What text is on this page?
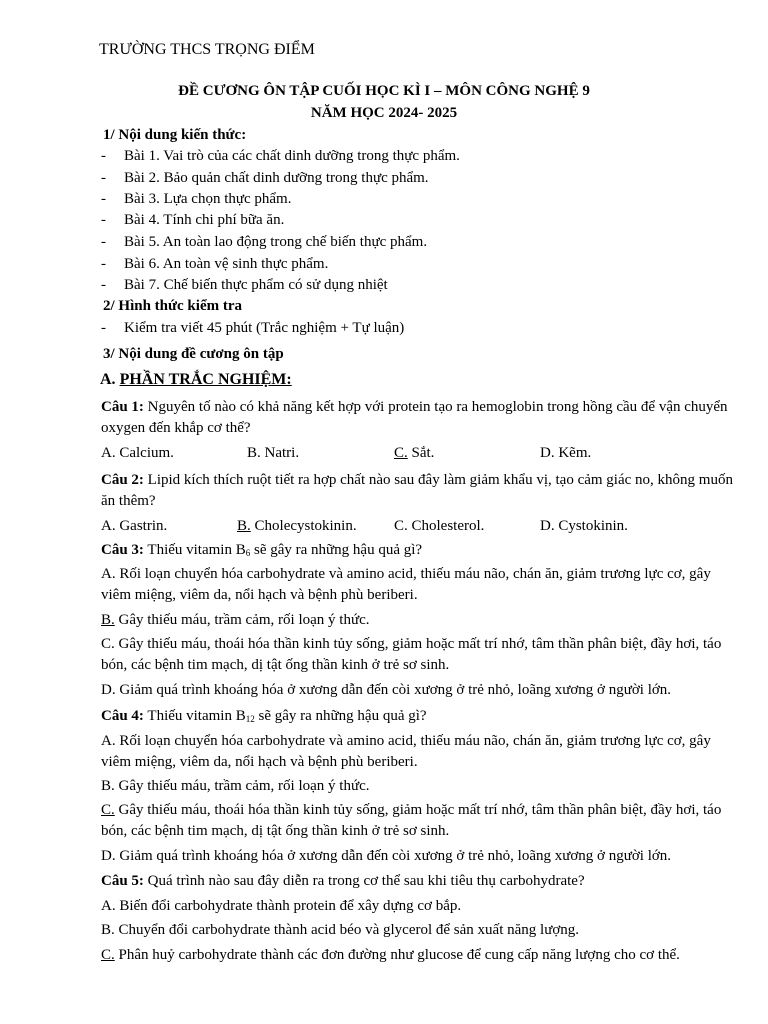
TRƯỜNG THCS TRỌNG ĐIỂM
ĐỀ CƯƠNG ÔN TẬP CUỐI HỌC KÌ I – MÔN CÔNG NGHỆ 9
NĂM HỌC 2024- 2025
1/ Nội dung kiến thức:
- Bài 1. Vai trò của các chất dinh dưỡng trong thực phẩm.
- Bài 2. Bảo quản chất dinh dưỡng trong thực phẩm.
- Bài 3. Lựa chọn thực phẩm.
- Bài 4. Tính chi phí bữa ăn.
- Bài 5. An toàn lao động trong chế biến thực phẩm.
- Bài 6. An toàn vệ sinh thực phẩm.
- Bài 7. Chế biến thực phẩm có sử dụng nhiệt
2/ Hình thức kiểm tra
- Kiểm tra viết 45 phút (Trắc nghiệm + Tự luận)
3/ Nội dung đề cương ôn tập
A. PHẦN TRẮC NGHIỆM:
Câu 1: Nguyên tố nào có khả năng kết hợp với protein tạo ra hemoglobin trong hồng cầu để vận chuyển oxygen đến khắp cơ thể?
A. Calcium.	B. Natri.	C. Sắt.	D. Kẽm.
Câu 2: Lipid kích thích ruột tiết ra hợp chất nào sau đây làm giảm khẩu vị, tạo cảm giác no, không muốn ăn thêm?
A. Gastrin.	B. Cholecystokinin. C. Cholesterol.	D. Cystokinin.
Câu 3: Thiếu vitamin $B_6$ sẽ gây ra những hậu quả gì?
A. Rối loạn chuyển hóa carbohydrate và amino acid, thiếu máu não, chán ăn, giảm trương lực cơ, gây viêm miệng, viêm da, nổi hạch và bệnh phù beriberi.
B. Gây thiếu máu, trầm cảm, rối loạn ý thức.
C. Gây thiếu máu, thoái hóa thần kinh tủy sống, giảm hoặc mất trí nhớ, tâm thần phân biệt, đầy hơi, táo bón, các bệnh tim mạch, dị tật ống thần kinh ở trẻ sơ sinh.
D. Giảm quá trình khoáng hóa ở xương dẫn đến còi xương ở trẻ nhỏ, loãng xương ở người lớn.
Câu 4: Thiếu vitamin $B_{12}$ sẽ gây ra những hậu quả gì?
A. Rối loạn chuyển hóa carbohydrate và amino acid, thiếu máu não, chán ăn, giảm trương lực cơ, gây viêm miệng, viêm da, nổi hạch và bệnh phù beriberi.
B. Gây thiếu máu, trầm cảm, rối loạn ý thức.
C. Gây thiếu máu, thoái hóa thần kinh tủy sống, giảm hoặc mất trí nhớ, tâm thần phân biệt, đầy hơi, táo bón, các bệnh tim mạch, dị tật ống thần kinh ở trẻ sơ sinh.
D. Giảm quá trình khoáng hóa ở xương dẫn đến còi xương ở trẻ nhỏ, loãng xương ở người lớn.
Câu 5: Quá trình nào sau đây diễn ra trong cơ thể sau khi tiêu thụ carbohydrate?
A. Biến đổi carbohydrate thành protein để xây dựng cơ bắp.
B. Chuyển đổi carbohydrate thành acid béo và glycerol để sản xuất năng lượng.
C. Phân huỷ carbohydrate thành các đơn đường như glucose để cung cấp năng lượng cho cơ thể.
